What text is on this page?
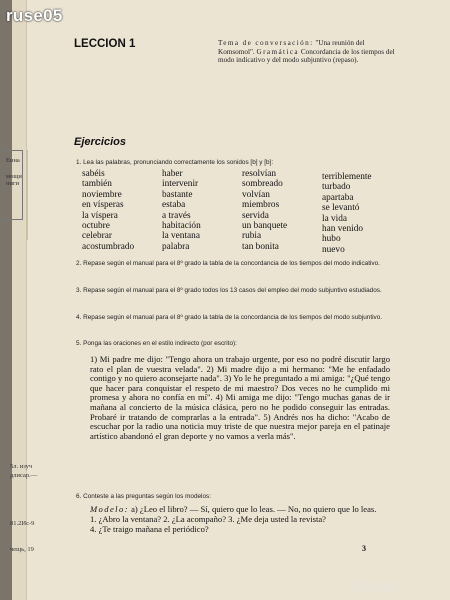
Ениа
мощи
ниги
5л. изуч
длисар.—
81.2Ис-9
чещь, 19
LECCION 1	Tema de conversación: "Una reunión del Komsomol". Gramática Concordancia de los tiempos del modo indicativo y del modo subjuntivo (repaso).
Ejercicios
1. Lea las palabras, pronunciando correctamente los sonidos [b] y [b]:
sabéis
también
noviembre
en vísperas
la víspera
octubre
celebrar
acostumbrado
haber
intervenir
bastante
estaba
a través
habitación
la ventana
palabra
resolvían
sombreado
volvían
miembros
servida
un banquete
rubia
tan bonita
terriblemente
turbado
apartaba
se levantó
la vida
han venido
hubo
nuevo
2. Repase según el manual para el 8º grado la tabla de la concordancia de los tiempos del modo indicativo.
3. Repase según el manual para el 8º grado todos los 13 casos del empleo del modo subjuntivo estudiados.
4. Repase según el manual para el 8º grado la tabla de la concordancia de los tiempos del modo subjuntivo.
5. Ponga las oraciones en el estilo indirecto (por escrito):
1) Mi padre me dijo: "Tengo ahora un trabajo urgente, por eso no podré discutir largo rato el plan de vuestra velada". 2) Mi madre dijo a mi hermano: "Me he enfadado contigo y no quiero aconsejarte nada". 3) Yo le he preguntado a mi amiga: "¿Qué tengo que hacer para conquistar el respeto de mi maestro? Dos veces no he cumplido mi promesa y ahora no confía en mí". 4) Mi amiga me dijo: "Tengo muchas ganas de ir mañana al concierto de la música clásica, pero no he podido conseguir las entradas. Probaré ir tratando de comprarlas a la entrada". 5) Andrés nos ha dicho: "Acabo de escuchar por la radio una noticia muy triste de que nuestra mejor pareja en el patinaje artístico abandonó el gran deporte y no vamos a verla más".
6. Conteste a las preguntas según los modelos:
Modelo: a) ¿Leo el libro? — Sí, quiero que lo leas. — No, no quiero que lo leas.
1. ¿Abro la ventana? 2. ¿La acompaño? 3. ¿Me deja usted la revista?
4. ¿Te traigo mañana el periódico?
3
ruse05
BAZAR
